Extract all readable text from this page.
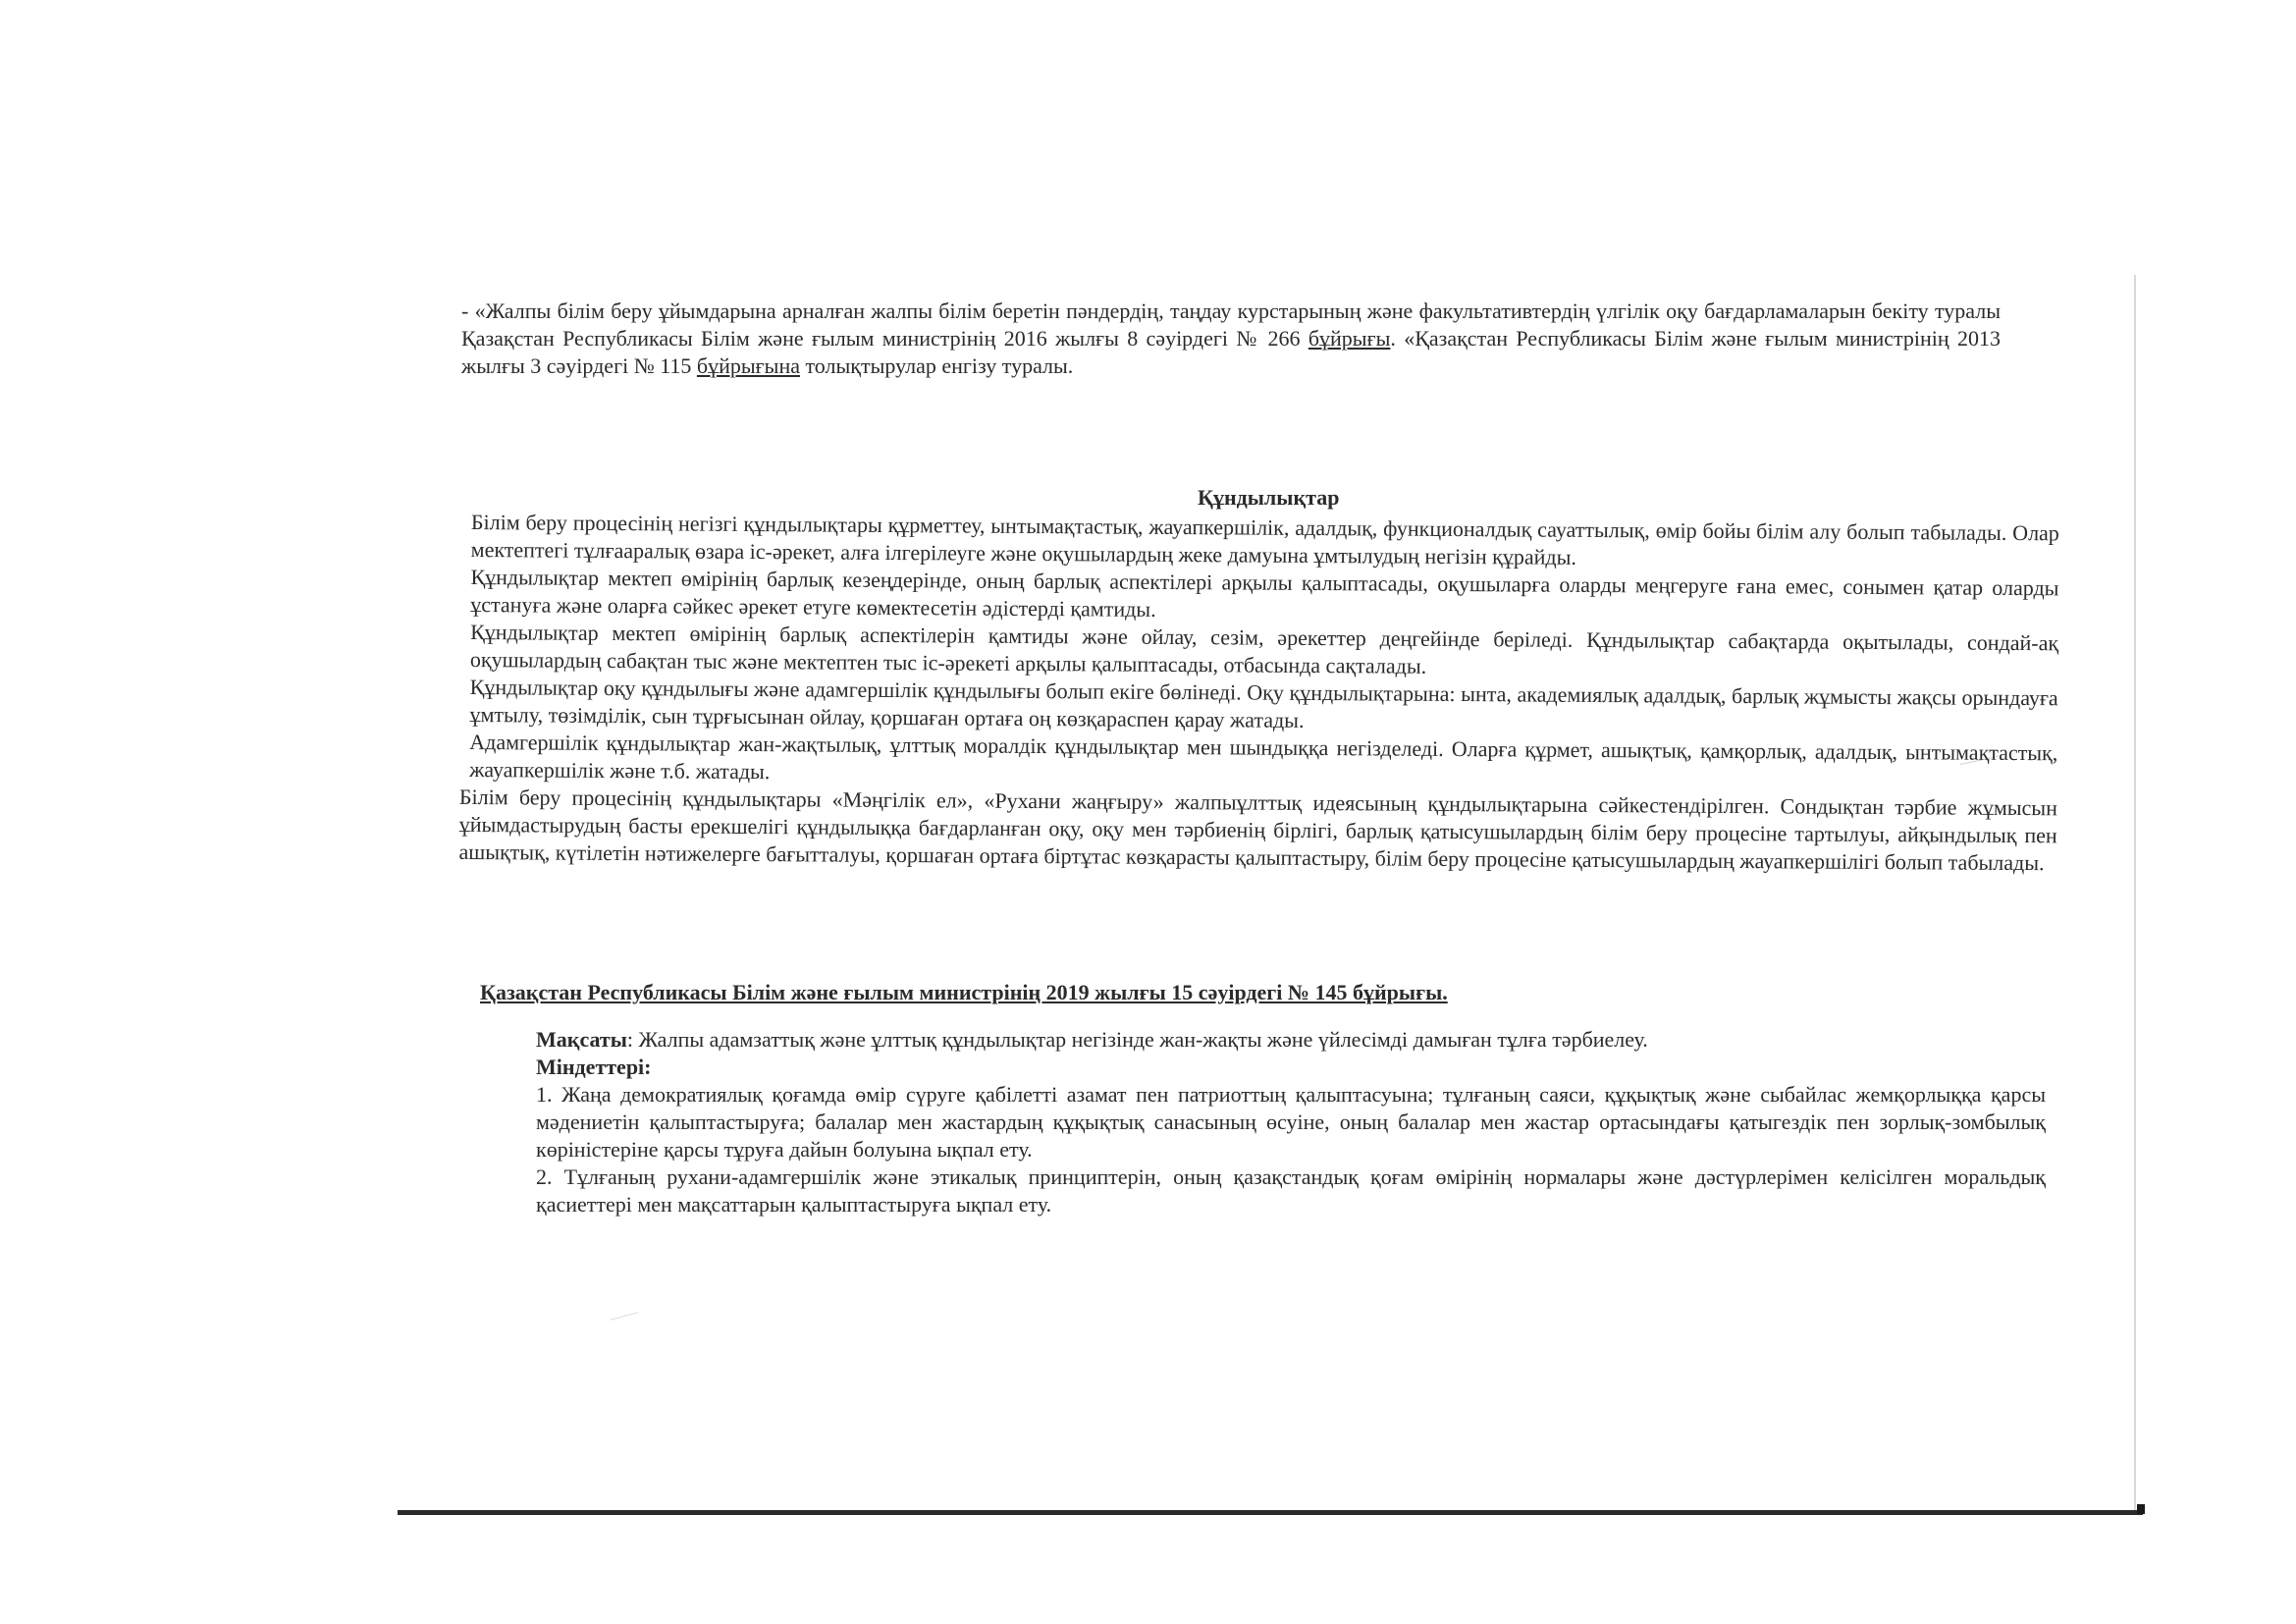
- «Жалпы білім беру ұйымдарына арналған жалпы білім беретін пәндердің, таңдау курстарының және факультативтердің үлгілік оқу бағдарламаларын бекіту туралы Қазақстан Республикасы Білім және ғылым министрінің 2016 жылғы 8 сәуірдегі № 266 бұйрығы. «Қазақстан Республикасы Білім және ғылым министрінің 2013 жылғы 3 сәуірдегі № 115 бұйрығына толықтырулар енгізу туралы.
Құндылықтар

Білім беру процесінің негізгі құндылықтары құрметтеу, ынтымақтастық, жауапкершілік, адалдық, функционалдық сауаттылық, өмір бойы білім алу болып табылады. Олар мектептегі тұлғааралық өзара іс-әрекет, алға ілгерілеуге және оқушылардың жеке дамуына ұмтылудың негізін құрайды.

Құндылықтар мектеп өмірінің барлық кезеңдерінде, оның барлық аспектілері арқылы қалыптасады, оқушыларға оларды меңгеруге ғана емес, сонымен қатар оларды ұстануға және оларға сәйкес әрекет етуге көмектесетін әдістерді қамтиды.

Құндылықтар мектеп өмірінің барлық аспектілерін қамтиды және ойлау, сезім, әрекеттер деңгейінде беріледі. Құндылықтар сабақтарда оқытылады, сондай-ақ оқушылардың сабақтан тыс және мектептен тыс іс-әрекеті арқылы қалыптасады, отбасында сақталады.

Құндылықтар оқу құндылығы және адамгершілік құндылығы болып екіге бөлінеді. Оқу құндылықтарына: ынта, академиялық адалдық, барлық жұмысты жақсы орындауға ұмтылу, төзімділік, сын тұрғысынан ойлау, қоршаған ортаға оң көзқараспен қарау жатады.

Адамгершілік құндылықтар жан-жақтылық, ұлттық моралдік құндылықтар мен шындыққа негізделеді. Оларға құрмет, ашықтық, қамқорлық, адалдық, ынтымақтастық, жауапкершілік және т.б. жатады.

Білім беру процесінің құндылықтары «Мәңгілік ел», «Рухани жаңғыру» жалпыұлттық идеясының құндылықтарына сәйкестендірілген. Сондықтан тәрбие жұмысын ұйымдастырудың басты ерекшелігі құндылыққа бағдарланған оқу, оқу мен тәрбиенің бірлігі, барлық қатысушылардың білім беру процесіне тартылуы, айқындылық пен ашықтық, күтілетін нәтижелерге бағытталуы, қоршаған ортаға біртұтас көзқарасты қалыптастыру, білім беру процесіне қатысушылардың жауапкершілігі болып табылады.

Қазақстан Республикасы Білім және ғылым министрінің 2019 жылғы 15 сәуірдегі № 145 бұйрығы.

Мақсаты: Жалпы адамзаттық және ұлттық құндылықтар негізінде жан-жақты және үйлесімді дамыған тұлға тәрбиелеу.

Міндеттері:

1. Жаңа демократиялық қоғамда өмір сүруге қабілетті азамат пен патриоттың қалыптасуына; тұлғаның саяси, құқықтық және сыбайлас жемқорлыққа қарсы мәдениетін қалыптастыруға; балалар мен жастардың құқықтық санасының өсуіне, оның балалар мен жастар ортасындағы қатыгездік пен зорлық-зомбылық көріністеріне қарсы тұруға дайын болуына ықпал ету.

2. Тұлғаның рухани-адамгершілік және этикалық принциптерін, оның қазақстандық қоғам өмірінің нормалары және дәстүрлерімен келісілген моральдық қасиеттері мен мақсаттарын қалыптастыруға ықпал ету.
